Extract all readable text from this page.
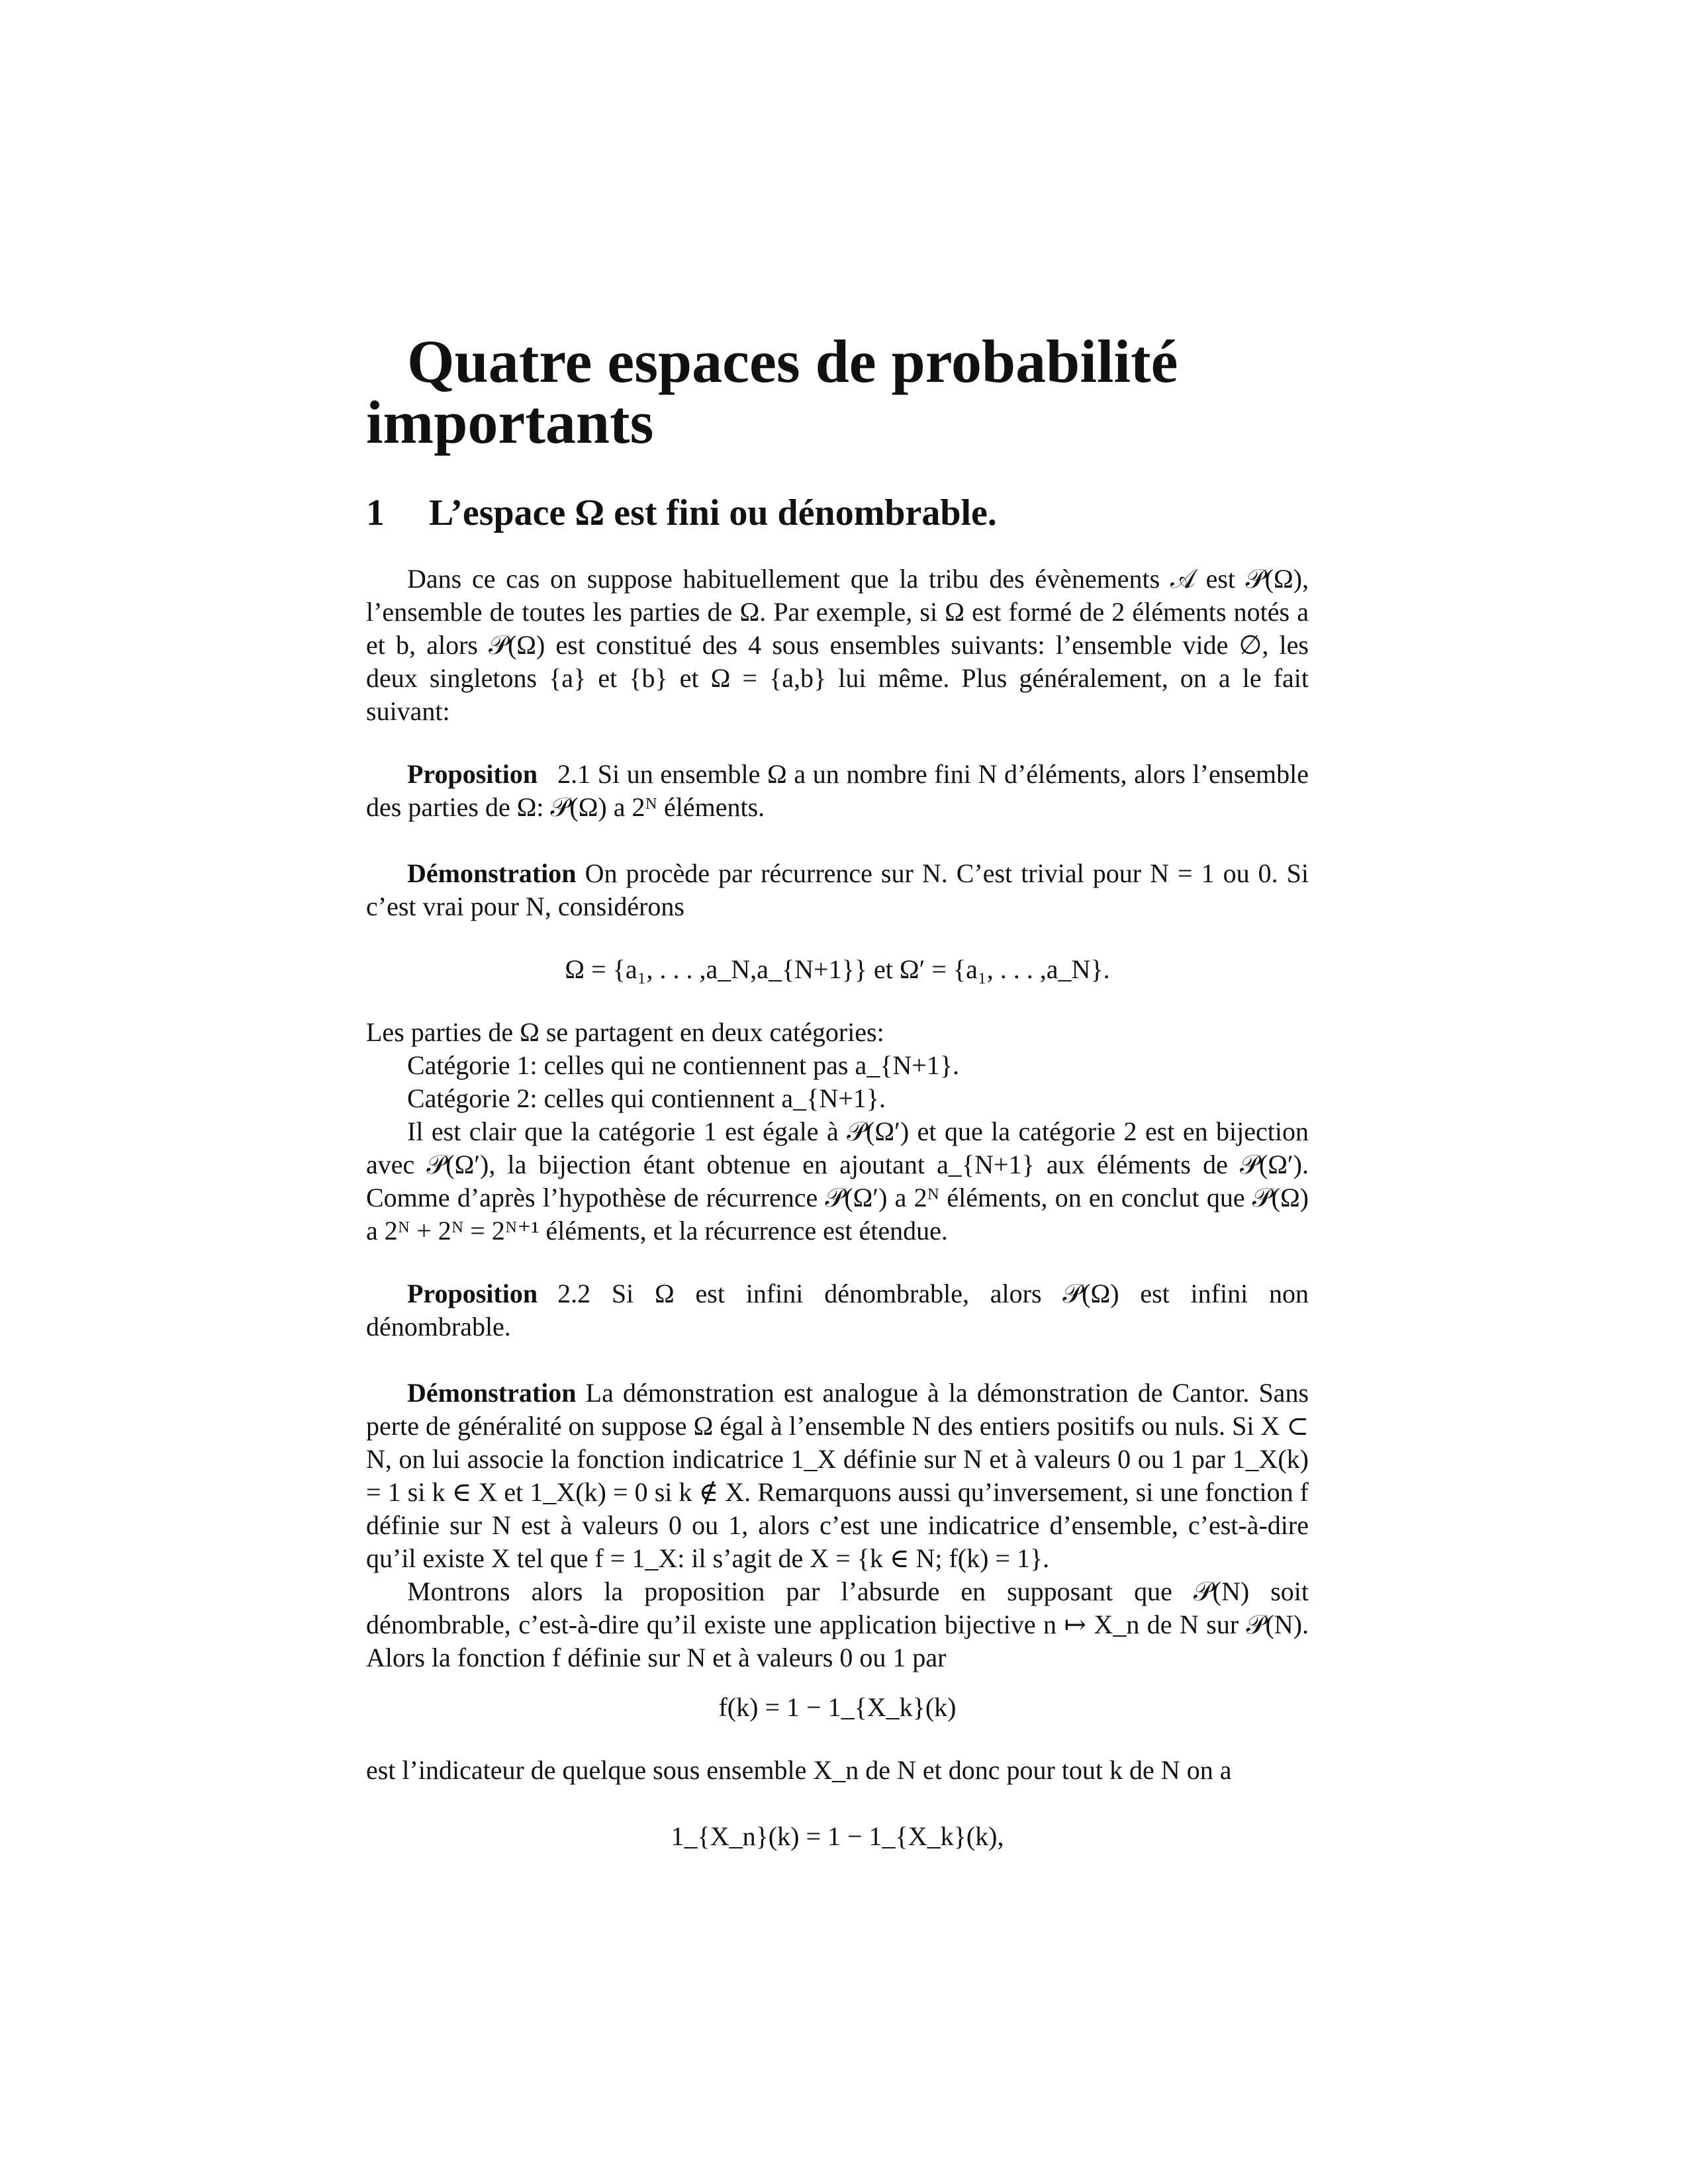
Quatre espaces de probabilité importants
1 L’espace Ω est fini ou dénombrable.

Dans ce cas on suppose habituellement que la tribu des évènements 𝒜 est 𝒫(Ω), l’ensemble de toutes les parties de Ω. Par exemple, si Ω est formé de 2 éléments notés a et b, alors 𝒫(Ω) est constitué des 4 sous ensembles suivants: l’ensemble vide ∅, les deux singletons {a} et {b} et Ω = {a,b} lui même. Plus généralement, on a le fait suivant:

Proposition 2.1 Si un ensemble Ω a un nombre fini N d’éléments, alors l’ensemble des parties de Ω: 𝒫(Ω) a 2ᴺ éléments.

Démonstration On procède par récurrence sur N. C’est trivial pour N = 1 ou 0. Si c’est vrai pour N, considérons

Ω = {a₁, . . . ,a_N,a_{N+1}} et Ω′ = {a₁, . . . ,a_N}.

Les parties de Ω se partagent en deux catégories:

Catégorie 1: celles qui ne contiennent pas a_{N+1}.

Catégorie 2: celles qui contiennent a_{N+1}.

Il est clair que la catégorie 1 est égale à 𝒫(Ω′) et que la catégorie 2 est en bijection avec 𝒫(Ω′), la bijection étant obtenue en ajoutant a_{N+1} aux éléments de 𝒫(Ω′). Comme d’après l’hypothèse de récurrence 𝒫(Ω′) a 2ᴺ éléments, on en conclut que 𝒫(Ω) a 2ᴺ + 2ᴺ = 2ᴺ⁺¹ éléments, et la récurrence est étendue.

Proposition 2.2 Si Ω est infini dénombrable, alors 𝒫(Ω) est infini non dénombrable.

Démonstration La démonstration est analogue à la démonstration de Cantor. Sans perte de généralité on suppose Ω égal à l’ensemble N des entiers positifs ou nuls. Si X ⊂ N, on lui associe la fonction indicatrice 1_X définie sur N et à valeurs 0 ou 1 par 1_X(k) = 1 si k ∈ X et 1_X(k) = 0 si k ∉ X. Remarquons aussi qu’inversement, si une fonction f définie sur N est à valeurs 0 ou 1, alors c’est une indicatrice d’ensemble, c’est-à-dire qu’il existe X tel que f = 1_X: il s’agit de X = {k ∈ N; f(k) = 1}.

Montrons alors la proposition par l’absurde en supposant que 𝒫(N) soit dénombrable, c’est-à-dire qu’il existe une application bijective n ↦ X_n de N sur 𝒫(N). Alors la fonction f définie sur N et à valeurs 0 ou 1 par

f(k) = 1 − 1_{X_k}(k)

est l’indicateur de quelque sous ensemble X_n de N et donc pour tout k de N on a

1_{X_n}(k) = 1 − 1_{X_k}(k),
